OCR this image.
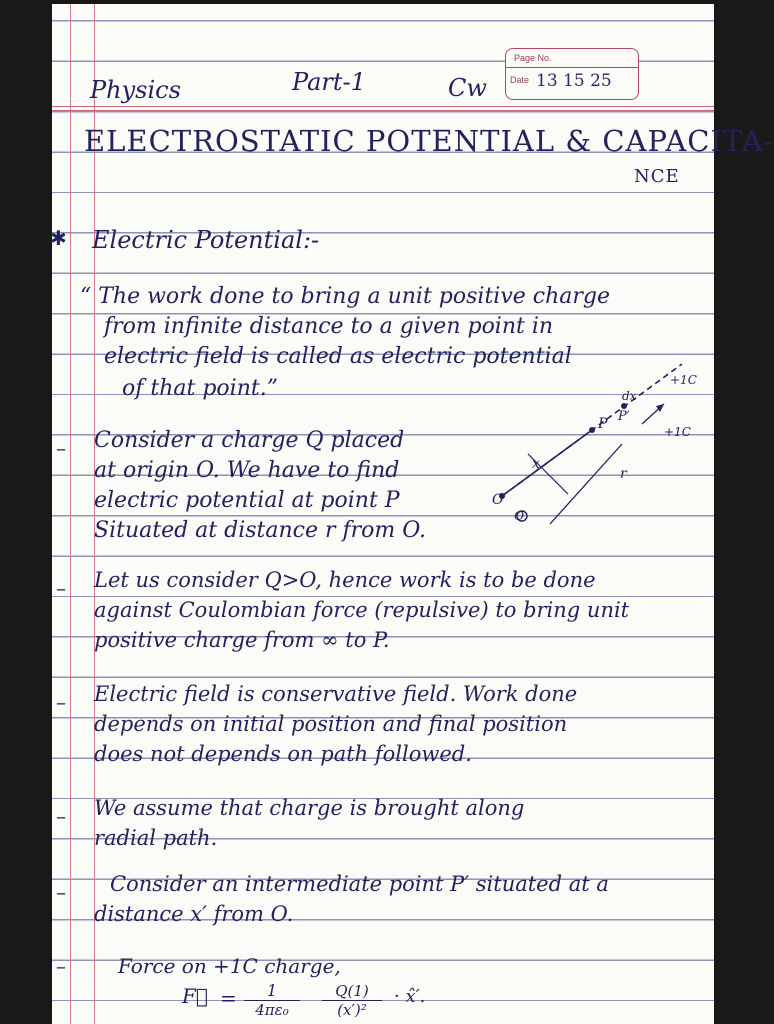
Page No.
Date 13 15 25
Physics	Part-1	Cw
ELECTROSTATIC POTENTIAL & CAPACITA-
NCE
✱ Electric Potential:-
“ The work done to bring a unit positive charge
from infinite distance to a given point in
electric field is called as electric potential
of that point.”
– Consider a charge Q placed
at origin O. We have to find
electric potential at point P
Situated at distance r from O.
O
Q
P P′
r
x
dx
+1C
+1C
– Let us consider Q>O, hence work is to be done
against Coulombian force (repulsive) to bring unit
positive charge from ∞ to P.
– Electric field is conservative field. Work done
depends on initial position and final position
does not depends on path followed.
– We assume that charge is brought along
radial path.
– Consider an intermediate point P′ situated at a
distance x′ from O.
–	Force on +1C charge,
F⃗ =	1
4πε₀
Q(1)
(x′)²
· x̂′.
